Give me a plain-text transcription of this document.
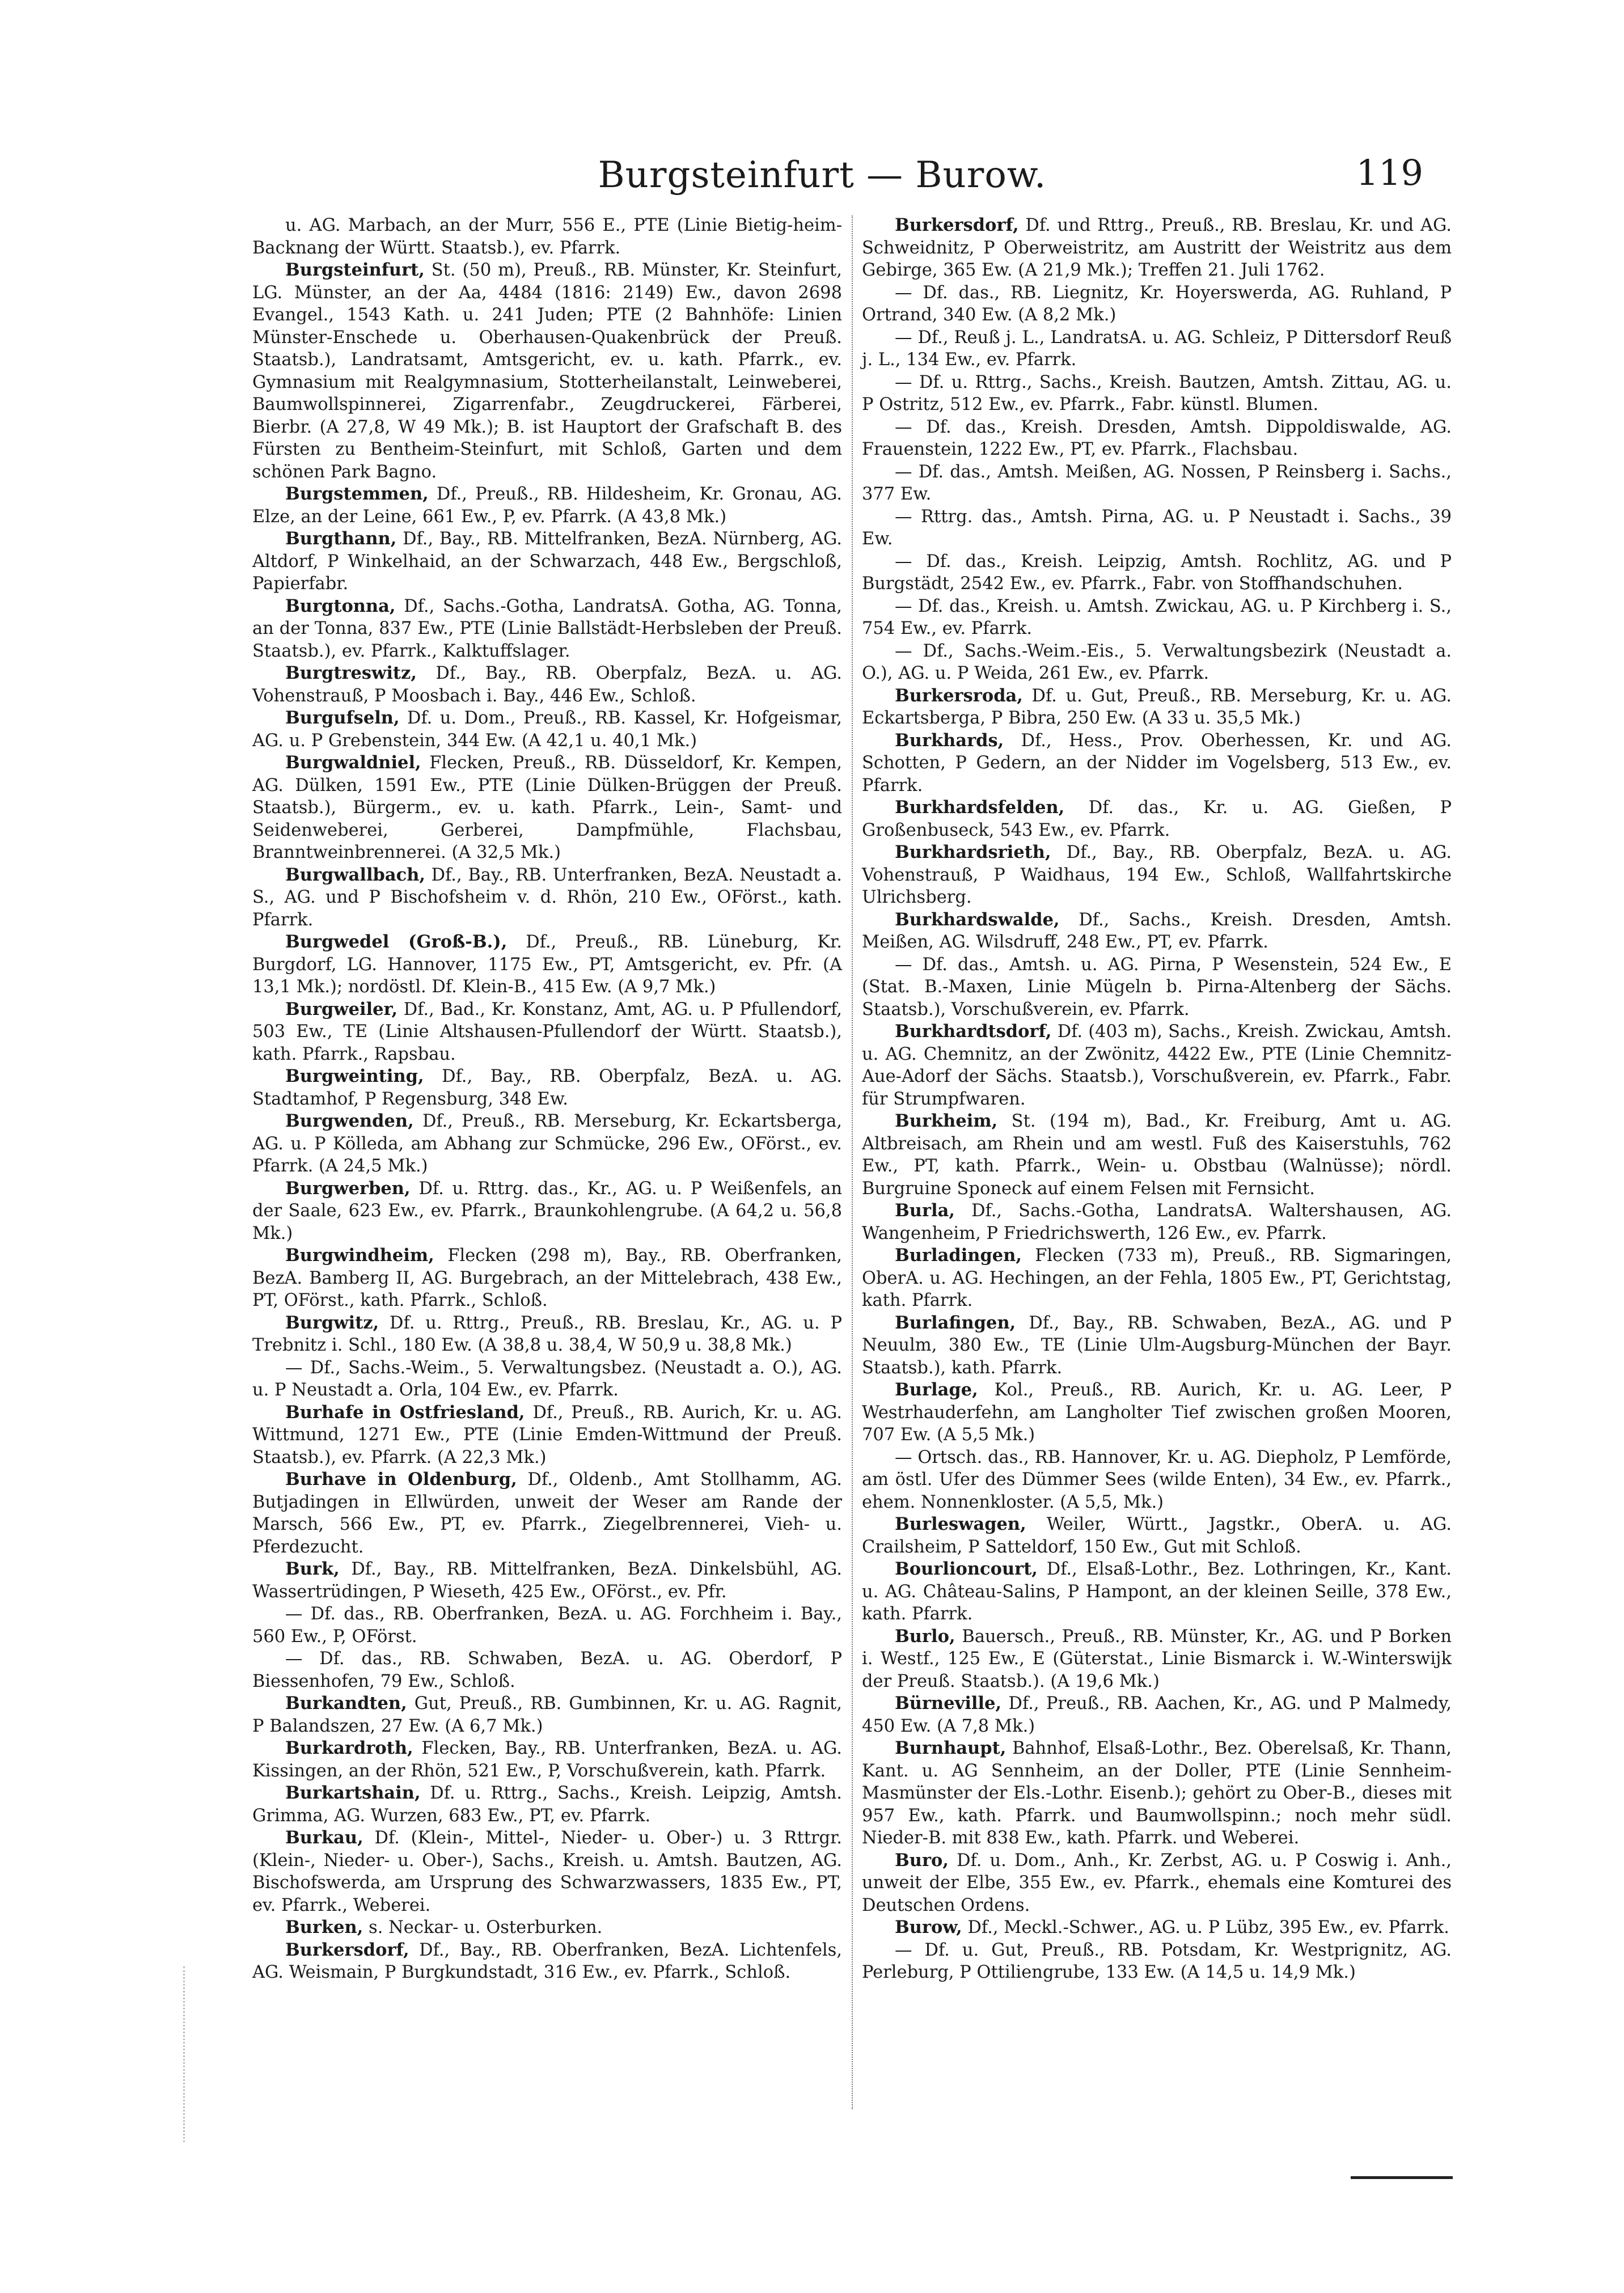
Burgsteinfurt — Burow.	119

u. AG. Marbach, an der Murr, 556 E., PTE (Linie Bietig-heim-Backnang der Württ. Staatsb.), ev. Pfarrk.

Burgsteinfurt, St. (50 m), Preuß., RB. Münster, Kr. Steinfurt, LG. Münster, an der Aa, 4484 (1816: 2149) Ew., davon 2698 Evangel., 1543 Kath. u. 241 Juden; PTE (2 Bahnhöfe: Linien Münster-Enschede u. Oberhausen-Quakenbrück der Preuß. Staatsb.), Landratsamt, Amtsgericht, ev. u. kath. Pfarrk., ev. Gymnasium mit Realgymnasium, Stotterheilanstalt, Leinweberei, Baumwollspinnerei, Zigarrenfabr., Zeugdruckerei, Färberei, Bierbr. (A 27,8, W 49 Mk.); B. ist Hauptort der Grafschaft B. des Fürsten zu Bentheim-Steinfurt, mit Schloß, Garten und dem schönen Park Bagno.

Burgstemmen, Df., Preuß., RB. Hildesheim, Kr. Gronau, AG. Elze, an der Leine, 661 Ew., P, ev. Pfarrk. (A 43,8 Mk.)

Burgthann, Df., Bay., RB. Mittelfranken, BezA. Nürnberg, AG. Altdorf, P Winkelhaid, an der Schwarzach, 448 Ew., Bergschloß, Papierfabr.

Burgtonna, Df., Sachs.-Gotha, LandratsA. Gotha, AG. Tonna, an der Tonna, 837 Ew., PTE (Linie Ballstädt-Herbsleben der Preuß. Staatsb.), ev. Pfarrk., Kalktuffslager.

Burgtreswitz, Df., Bay., RB. Oberpfalz, BezA. u. AG. Vohenstrauß, P Moosbach i. Bay., 446 Ew., Schloß.

Burgufseln, Df. u. Dom., Preuß., RB. Kassel, Kr. Hofgeismar, AG. u. P Grebenstein, 344 Ew. (A 42,1 u. 40,1 Mk.)

Burgwaldniel, Flecken, Preuß., RB. Düsseldorf, Kr. Kempen, AG. Dülken, 1591 Ew., PTE (Linie Dülken-Brüggen der Preuß. Staatsb.), Bürgerm., ev. u. kath. Pfarrk., Lein-, Samt- und Seidenweberei, Gerberei, Dampfmühle, Flachsbau, Branntweinbrennerei. (A 32,5 Mk.)

Burgwallbach, Df., Bay., RB. Unterfranken, BezA. Neustadt a. S., AG. und P Bischofsheim v. d. Rhön, 210 Ew., OFörst., kath. Pfarrk.

Burgwedel (Groß-B.), Df., Preuß., RB. Lüneburg, Kr. Burgdorf, LG. Hannover, 1175 Ew., PT, Amtsgericht, ev. Pfr. (A 13,1 Mk.); nordöstl. Df. Klein-B., 415 Ew. (A 9,7 Mk.)

Burgweiler, Df., Bad., Kr. Konstanz, Amt, AG. u. P Pfullendorf, 503 Ew., TE (Linie Altshausen-Pfullendorf der Württ. Staatsb.), kath. Pfarrk., Rapsbau.

Burgweinting, Df., Bay., RB. Oberpfalz, BezA. u. AG. Stadtamhof, P Regensburg, 348 Ew.

Burgwenden, Df., Preuß., RB. Merseburg, Kr. Eckartsberga, AG. u. P Kölleda, am Abhang zur Schmücke, 296 Ew., OFörst., ev. Pfarrk. (A 24,5 Mk.)

Burgwerben, Df. u. Rttrg. das., Kr., AG. u. P Weißenfels, an der Saale, 623 Ew., ev. Pfarrk., Braunkohlengrube. (A 64,2 u. 56,8 Mk.)

Burgwindheim, Flecken (298 m), Bay., RB. Oberfranken, BezA. Bamberg II, AG. Burgebrach, an der Mittelebrach, 438 Ew., PT, OFörst., kath. Pfarrk., Schloß.

Burgwitz, Df. u. Rttrg., Preuß., RB. Breslau, Kr., AG. u. P Trebnitz i. Schl., 180 Ew. (A 38,8 u. 38,4, W 50,9 u. 38,8 Mk.)

— Df., Sachs.-Weim., 5. Verwaltungsbez. (Neustadt a. O.), AG. u. P Neustadt a. Orla, 104 Ew., ev. Pfarrk.

Burhafe in Ostfriesland, Df., Preuß., RB. Aurich, Kr. u. AG. Wittmund, 1271 Ew., PTE (Linie Emden-Wittmund der Preuß. Staatsb.), ev. Pfarrk. (A 22,3 Mk.)

Burhave in Oldenburg, Df., Oldenb., Amt Stollhamm, AG. Butjadingen in Ellwürden, unweit der Weser am Rande der Marsch, 566 Ew., PT, ev. Pfarrk., Ziegelbrennerei, Vieh- u. Pferdezucht.

Burk, Df., Bay., RB. Mittelfranken, BezA. Dinkelsbühl, AG. Wassertrüdingen, P Wieseth, 425 Ew., OFörst., ev. Pfr.

— Df. das., RB. Oberfranken, BezA. u. AG. Forchheim i. Bay., 560 Ew., P, OFörst.

— Df. das., RB. Schwaben, BezA. u. AG. Oberdorf, P Biessenhofen, 79 Ew., Schloß.

Burkandten, Gut, Preuß., RB. Gumbinnen, Kr. u. AG. Ragnit, P Balandszen, 27 Ew. (A 6,7 Mk.)

Burkardroth, Flecken, Bay., RB. Unterfranken, BezA. u. AG. Kissingen, an der Rhön, 521 Ew., P, Vorschußverein, kath. Pfarrk.

Burkartshain, Df. u. Rttrg., Sachs., Kreish. Leipzig, Amtsh. Grimma, AG. Wurzen, 683 Ew., PT, ev. Pfarrk.

Burkau, Df. (Klein-, Mittel-, Nieder- u. Ober-) u. 3 Rttrgr. (Klein-, Nieder- u. Ober-), Sachs., Kreish. u. Amtsh. Bautzen, AG. Bischofswerda, am Ursprung des Schwarzwassers, 1835 Ew., PT, ev. Pfarrk., Weberei.

Burken, s. Neckar- u. Osterburken.

Burkersdorf, Df., Bay., RB. Oberfranken, BezA. Lichtenfels, AG. Weismain, P Burgkundstadt, 316 Ew., ev. Pfarrk., Schloß.

Burkersdorf, Df. und Rttrg., Preuß., RB. Breslau, Kr. und AG. Schweidnitz, P Oberweistritz, am Austritt der Weistritz aus dem Gebirge, 365 Ew. (A 21,9 Mk.); Treffen 21. Juli 1762.

— Df. das., RB. Liegnitz, Kr. Hoyerswerda, AG. Ruhland, P Ortrand, 340 Ew. (A 8,2 Mk.)

— Df., Reuß j. L., LandratsA. u. AG. Schleiz, P Dittersdorf Reuß j. L., 134 Ew., ev. Pfarrk.

— Df. u. Rttrg., Sachs., Kreish. Bautzen, Amtsh. Zittau, AG. u. P Ostritz, 512 Ew., ev. Pfarrk., Fabr. künstl. Blumen.

— Df. das., Kreish. Dresden, Amtsh. Dippoldiswalde, AG. Frauenstein, 1222 Ew., PT, ev. Pfarrk., Flachsbau.

— Df. das., Amtsh. Meißen, AG. Nossen, P Reinsberg i. Sachs., 377 Ew.

— Rttrg. das., Amtsh. Pirna, AG. u. P Neustadt i. Sachs., 39 Ew.

— Df. das., Kreish. Leipzig, Amtsh. Rochlitz, AG. und P Burgstädt, 2542 Ew., ev. Pfarrk., Fabr. von Stoffhandschuhen.

— Df. das., Kreish. u. Amtsh. Zwickau, AG. u. P Kirchberg i. S., 754 Ew., ev. Pfarrk.

— Df., Sachs.-Weim.-Eis., 5. Verwaltungsbezirk (Neustadt a. O.), AG. u. P Weida, 261 Ew., ev. Pfarrk.

Burkersroda, Df. u. Gut, Preuß., RB. Merseburg, Kr. u. AG. Eckartsberga, P Bibra, 250 Ew. (A 33 u. 35,5 Mk.)

Burkhards, Df., Hess., Prov. Oberhessen, Kr. und AG. Schotten, P Gedern, an der Nidder im Vogelsberg, 513 Ew., ev. Pfarrk.

Burkhardsfelden, Df. das., Kr. u. AG. Gießen, P Großenbuseck, 543 Ew., ev. Pfarrk.

Burkhardsrieth, Df., Bay., RB. Oberpfalz, BezA. u. AG. Vohenstrauß, P Waidhaus, 194 Ew., Schloß, Wallfahrtskirche Ulrichsberg.

Burkhardswalde, Df., Sachs., Kreish. Dresden, Amtsh. Meißen, AG. Wilsdruff, 248 Ew., PT, ev. Pfarrk.

— Df. das., Amtsh. u. AG. Pirna, P Wesenstein, 524 Ew., E (Stat. B.-Maxen, Linie Mügeln b. Pirna-Altenberg der Sächs. Staatsb.), Vorschußverein, ev. Pfarrk.

Burkhardtsdorf, Df. (403 m), Sachs., Kreish. Zwickau, Amtsh. u. AG. Chemnitz, an der Zwönitz, 4422 Ew., PTE (Linie Chemnitz-Aue-Adorf der Sächs. Staatsb.), Vorschußverein, ev. Pfarrk., Fabr. für Strumpfwaren.

Burkheim, St. (194 m), Bad., Kr. Freiburg, Amt u. AG. Altbreisach, am Rhein und am westl. Fuß des Kaiserstuhls, 762 Ew., PT, kath. Pfarrk., Wein- u. Obstbau (Walnüsse); nördl. Burgruine Sponeck auf einem Felsen mit Fernsicht.

Burla, Df., Sachs.-Gotha, LandratsA. Waltershausen, AG. Wangenheim, P Friedrichswerth, 126 Ew., ev. Pfarrk.

Burladingen, Flecken (733 m), Preuß., RB. Sigmaringen, OberA. u. AG. Hechingen, an der Fehla, 1805 Ew., PT, Gerichtstag, kath. Pfarrk.

Burlafingen, Df., Bay., RB. Schwaben, BezA., AG. und P Neuulm, 380 Ew., TE (Linie Ulm-Augsburg-München der Bayr. Staatsb.), kath. Pfarrk.

Burlage, Kol., Preuß., RB. Aurich, Kr. u. AG. Leer, P Westrhauderfehn, am Langholter Tief zwischen großen Mooren, 707 Ew. (A 5,5 Mk.)

— Ortsch. das., RB. Hannover, Kr. u. AG. Diepholz, P Lemförde, am östl. Ufer des Dümmer Sees (wilde Enten), 34 Ew., ev. Pfarrk., ehem. Nonnenkloster. (A 5,5, Mk.)

Burleswagen, Weiler, Württ., Jagstkr., OberA. u. AG. Crailsheim, P Satteldorf, 150 Ew., Gut mit Schloß.

Bourlioncourt, Df., Elsaß-Lothr., Bez. Lothringen, Kr., Kant. u. AG. Château-Salins, P Hampont, an der kleinen Seille, 378 Ew., kath. Pfarrk.

Burlo, Bauersch., Preuß., RB. Münster, Kr., AG. und P Borken i. Westf., 125 Ew., E (Güterstat., Linie Bismarck i. W.-Winterswijk der Preuß. Staatsb.). (A 19,6 Mk.)

Bürneville, Df., Preuß., RB. Aachen, Kr., AG. und P Malmedy, 450 Ew. (A 7,8 Mk.)

Burnhaupt, Bahnhof, Elsaß-Lothr., Bez. Oberelsaß, Kr. Thann, Kant. u. AG Sennheim, an der Doller, PTE (Linie Sennheim-Masmünster der Els.-Lothr. Eisenb.); gehört zu Ober-B., dieses mit 957 Ew., kath. Pfarrk. und Baumwollspinn.; noch mehr südl. Nieder-B. mit 838 Ew., kath. Pfarrk. und Weberei.

Buro, Df. u. Dom., Anh., Kr. Zerbst, AG. u. P Coswig i. Anh., unweit der Elbe, 355 Ew., ev. Pfarrk., ehemals eine Komturei des Deutschen Ordens.

Burow, Df., Meckl.-Schwer., AG. u. P Lübz, 395 Ew., ev. Pfarrk.

— Df. u. Gut, Preuß., RB. Potsdam, Kr. Westprignitz, AG. Perleburg, P Ottiliengrube, 133 Ew. (A 14,5 u. 14,9 Mk.)
